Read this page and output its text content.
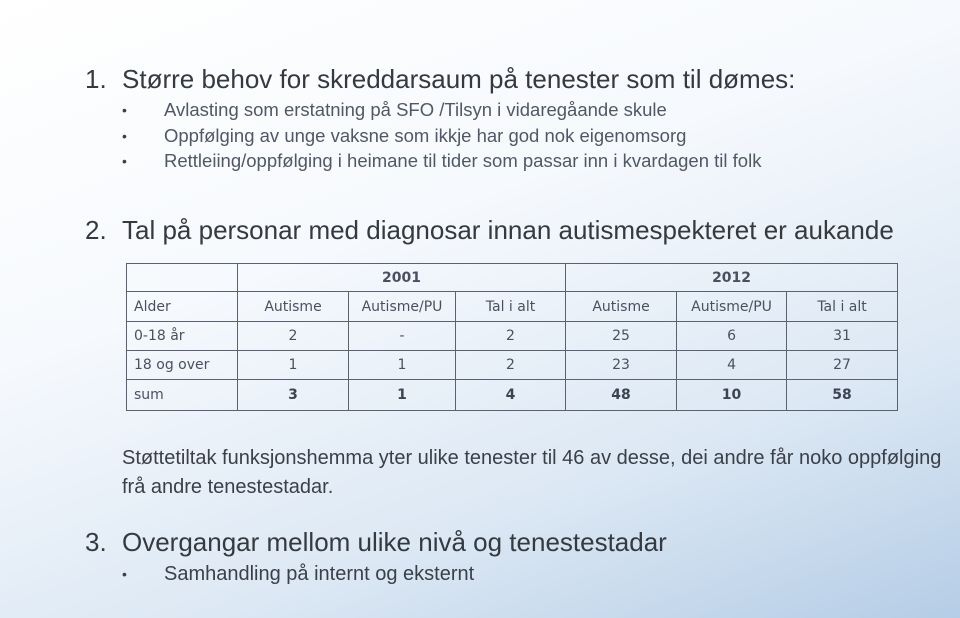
1. Større behov for skreddarsaum på tenester som til dømes:
• Avlasting som erstatning på SFO /Tilsyn i vidaregåande skule
• Oppfølging av unge vaksne som ikkje har god nok eigenomsorg
• Rettleiing/oppfølging i heimane til tider som passar inn i kvardagen til folk
2. Tal på personar med diagnosar innan autismespekteret er aukande
	2001			2012		
Alder	Autisme	Autisme/PU	Tal i alt	Autisme	Autisme/PU	Tal i alt
0-18 år	2	-	2	25	6	31
18 og over	1	1	2	23	4	27
sum	3	1	4	48	10	58
Støttetiltak funksjonshemma yter ulike tenester til 46 av desse, dei andre får noko oppfølging frå andre tenestestadar.
3. Overgangar mellom ulike nivå og tenestestadar
• Samhandling på internt og eksternt
